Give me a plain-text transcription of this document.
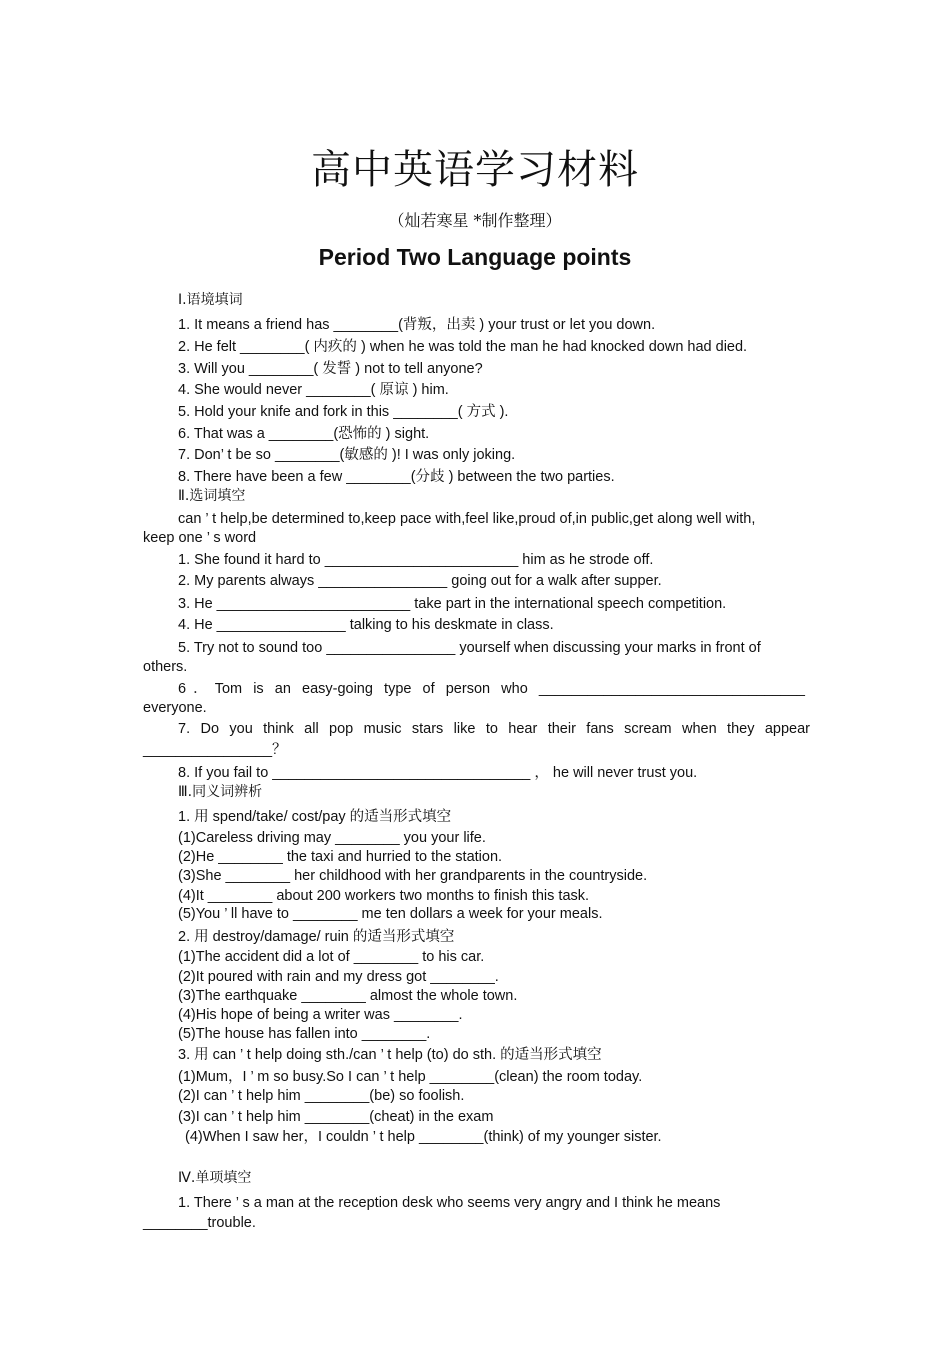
高中英语学习材料
（灿若寒星 *制作整理）
Period Two Language points
Ⅰ.语境填词
1. It means a friend has ________(背叛，出卖 ) your trust or let you down.
2. He felt ________( 内疚的 ) when he was told the man he had knocked down had died.
3. Will you ________( 发誓 ) not to tell anyone?
4. She would never ________( 原谅 ) him.
5. Hold your knife and fork in this ________( 方式 ).
6. That was a ________(恐怖的 ) sight.
7. Don’ t be so ________(敏感的 )! I was only joking.
8. There have been a few ________(分歧 ) between the two parties.
Ⅱ.选词填空
can ’ t help,be determined to,keep pace with,feel like,proud of,in public,get along well with,
keep one ’ s word
1. She found it hard to ________________________ him as he strode off.
2. My parents always ________________ going out for a walk after supper.
3. He ________________________ take part in the international speech competition.
4. He ________________ talking to his deskmate in class.
5. Try not to sound too ________________ yourself when discussing your marks in front of
others.
6．Tom is an easy-going type of person who _________________________________
everyone.
7. Do you think all pop music stars like to hear their fans scream when they appear
________________？
8. If you fail to ________________________________ ， he will never trust you.
Ⅲ.同义词辨析
1. 用 spend/take/ cost/pay 的适当形式填空
(1)Careless driving may ________ you your life.
(2)He ________ the taxi and hurried to the station.
(3)She ________ her childhood with her grandparents in the countryside.
(4)It ________ about 200 workers two months to finish this task.
(5)You ’ ll have to ________ me ten dollars a week for your meals.
2. 用 destroy/damage/ ruin 的适当形式填空
(1)The accident did a lot of ________ to his car.
(2)It poured with rain and my dress got ________.
(3)The earthquake ________ almost the whole town.
(4)His hope of being a writer was ________.
(5)The house has fallen into ________.
3. 用 can ’ t help doing sth./can ’ t help (to) do sth. 的适当形式填空
(1)Mum，I ’ m so busy.So I can ’ t help ________(clean) the room today.
(2)I can ’ t help him ________(be) so foolish.
(3)I can ’ t help him ________(cheat) in the exam
(4)When I saw her，I couldn ’ t help ________(think) of my younger sister.
Ⅳ.单项填空
1. There ’ s a man at the reception desk who seems very angry and I think he means
________trouble.
